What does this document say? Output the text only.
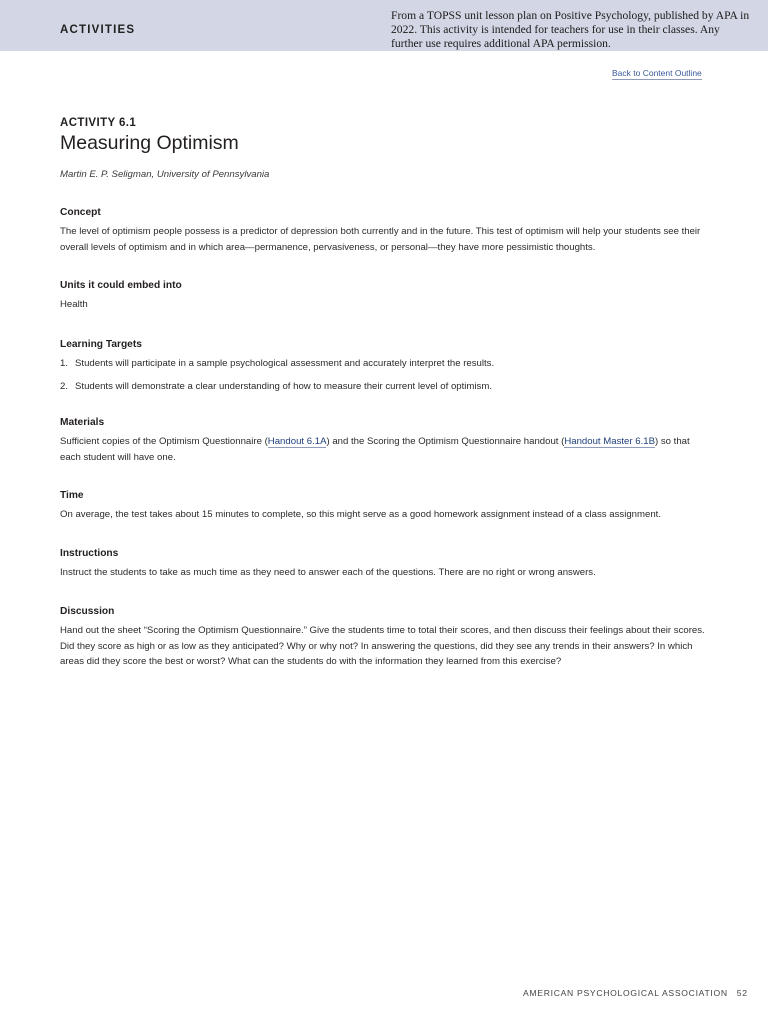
ACTIVITIES
From a TOPSS unit lesson plan on Positive Psychology, published by APA in 2022. This activity is intended for teachers for use in their classes. Any further use requires additional APA permission.
Back to Content Outline
ACTIVITY 6.1
Measuring Optimism
Martin E. P. Seligman, University of Pennsylvania
Concept

The level of optimism people possess is a predictor of depression both currently and in the future. This test of optimism will help your students see their overall levels of optimism and in which area—permanence, pervasiveness, or personal—they have more pessimistic thoughts.

Units it could embed into

Health

Learning Targets
1. Students will participate in a sample psychological assessment and accurately interpret the results.
2. Students will demonstrate a clear understanding of how to measure their current level of optimism.
Materials

Sufficient copies of the Optimism Questionnaire (Handout 6.1A) and the Scoring the Optimism Questionnaire handout (Handout Master 6.1B) so that each student will have one.

Time

On average, the test takes about 15 minutes to complete, so this might serve as a good homework assignment instead of a class assignment.

Instructions

Instruct the students to take as much time as they need to answer each of the questions. There are no right or wrong answers.

Discussion

Hand out the sheet “Scoring the Optimism Questionnaire.” Give the students time to total their scores, and then discuss their feelings about their scores. Did they score as high or as low as they anticipated? Why or why not? In answering the questions, did they see any trends in their answers? In which areas did they score the best or worst? What can the students do with the information they learned from this exercise?

AMERICAN PSYCHOLOGICAL ASSOCIATION 52
